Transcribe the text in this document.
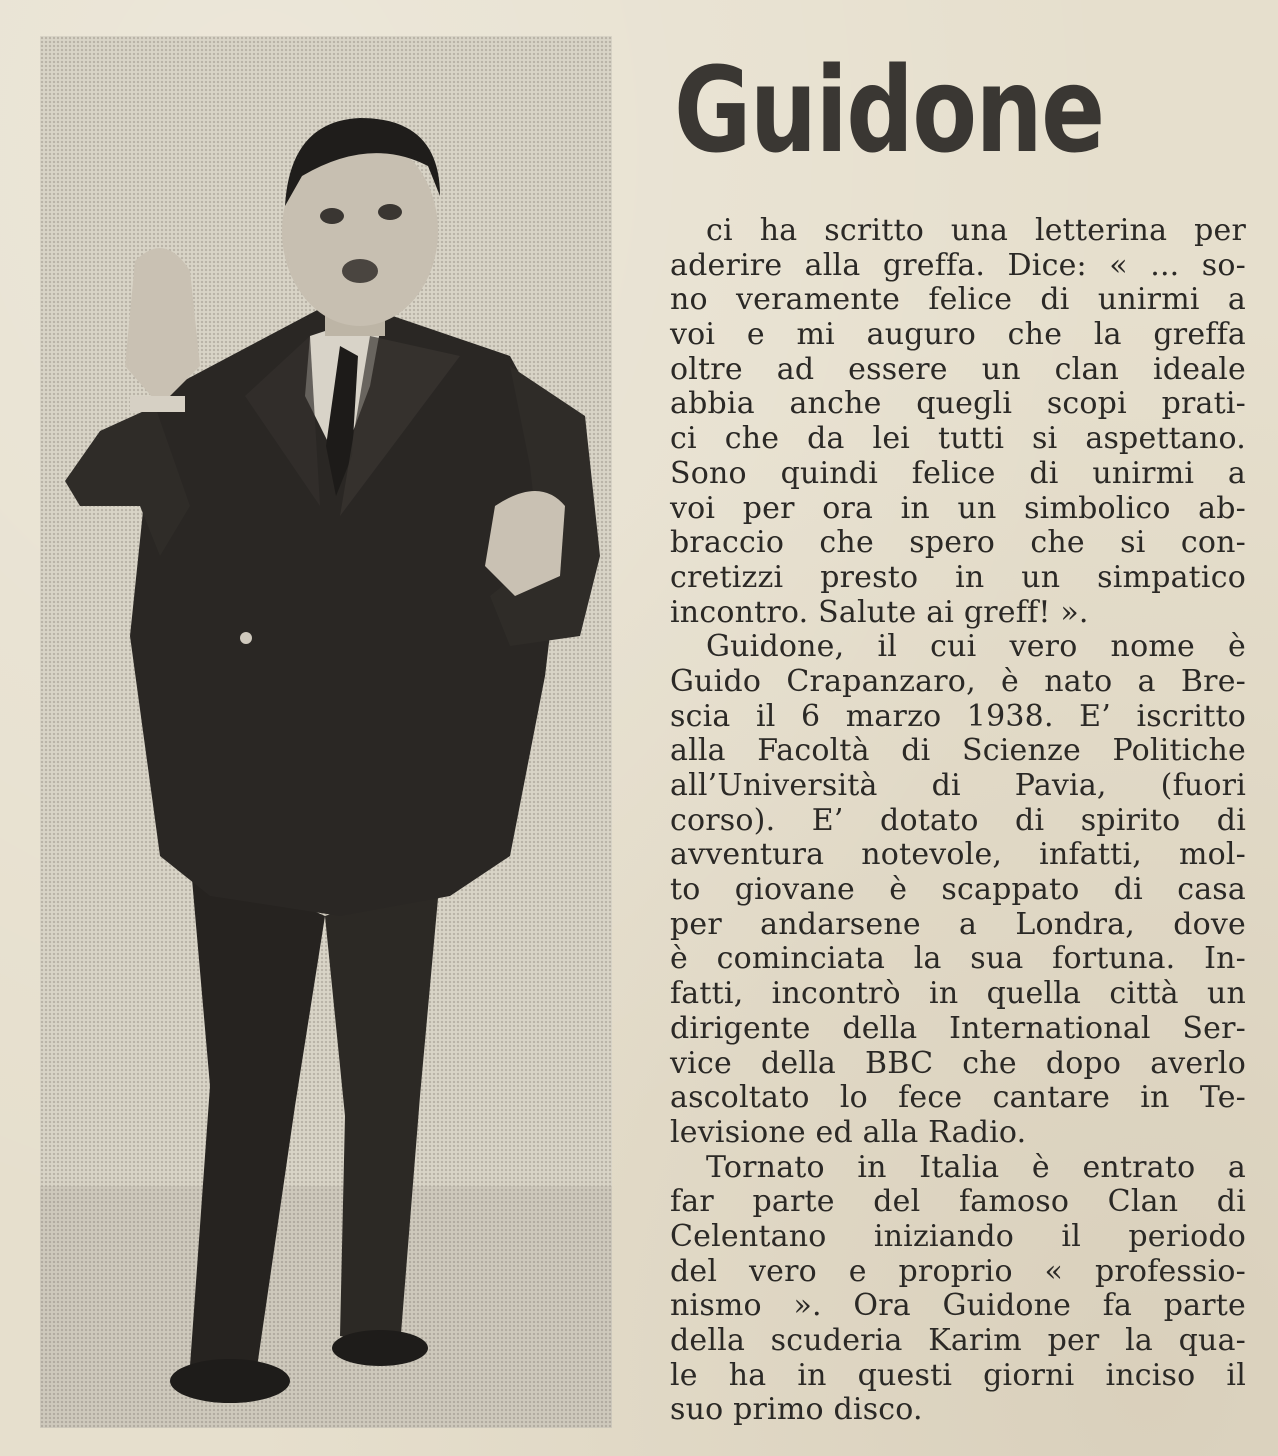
Guidone
ci ha scritto una letterina per
aderire alla greffa. Dice: « ... so-
no veramente felice di unirmi a
voi e mi auguro che la greffa
oltre ad essere un clan ideale
abbia anche quegli scopi prati-
ci che da lei tutti si aspettano.
Sono quindi felice di unirmi a
voi per ora in un simbolico ab-
braccio che spero che si con-
cretizzi presto in un simpatico
incontro. Salute ai greff! ».
Guidone, il cui vero nome è
Guido Crapanzaro, è nato a Bre-
scia il 6 marzo 1938. E’ iscritto
alla Facoltà di Scienze Politiche
all’Università di Pavia, (fuori
corso). E’ dotato di spirito di
avventura notevole, infatti, mol-
to giovane è scappato di casa
per andarsene a Londra, dove
è cominciata la sua fortuna. In-
fatti, incontrò in quella città un
dirigente della International Ser-
vice della BBC che dopo averlo
ascoltato lo fece cantare in Te-
levisione ed alla Radio.
Tornato in Italia è entrato a
far parte del famoso Clan di
Celentano iniziando il periodo
del vero e proprio « professio-
nismo ». Ora Guidone fa parte
della scuderia Karim per la qua-
le ha in questi giorni inciso il
suo primo disco.
